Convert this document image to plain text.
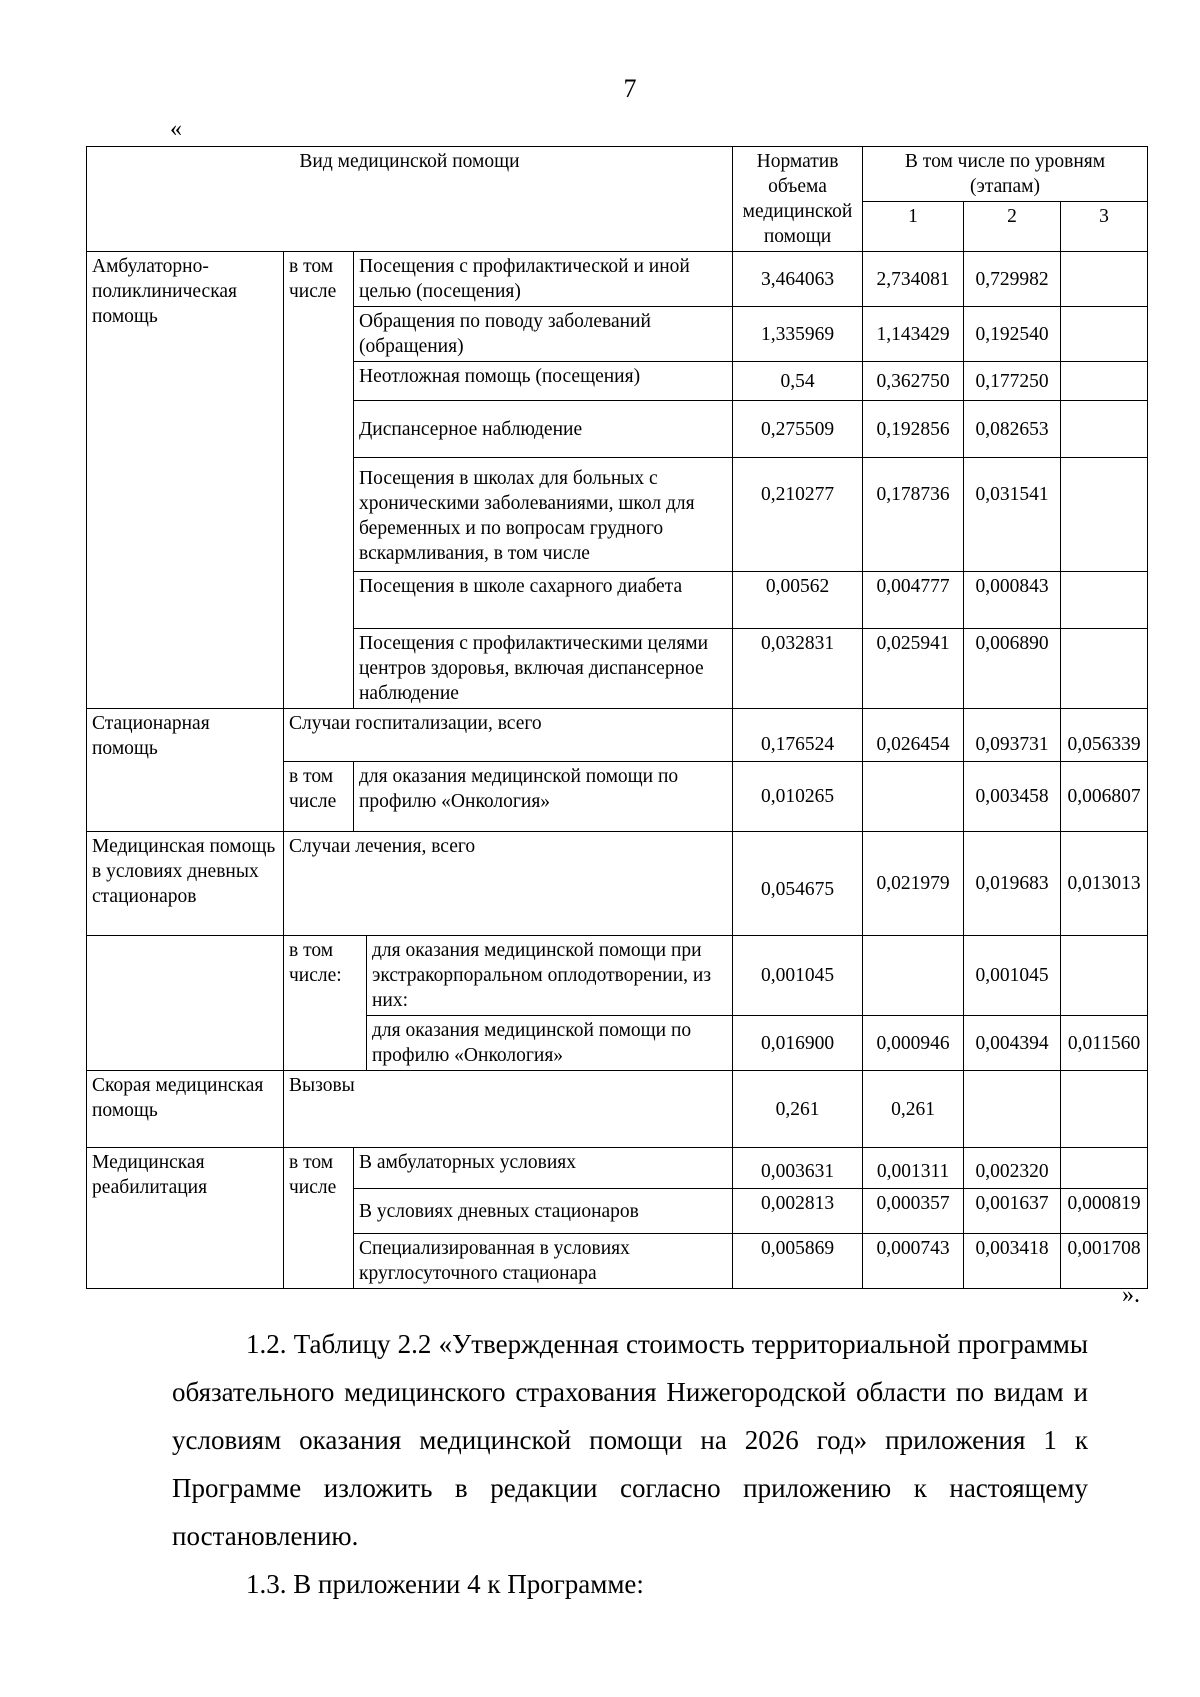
7
«
Вид медицинской помощи				Норматив объема медицинской помощи	В том числе по уровням (этапам)		
					1	2	3
Амбулаторно-поликлиническая помощь	в том числе	Посещения с профилактической и иной целью (посещения)		3,464063	2,734081	0,729982	
		Обращения по поводу заболеваний (обращения)		1,335969	1,143429	0,192540	
		Неотложная помощь (посещения)		0,54	0,362750	0,177250	
		Диспансерное наблюдение		0,275509	0,192856	0,082653	
		Посещения в школах для больных с хроническими заболеваниями, школ для беременных и по вопросам грудного вскармливания, в том числе		0,210277	0,178736	0,031541	
		Посещения в школе сахарного диабета		0,00562	0,004777	0,000843	
		Посещения с профилактическими целями центров здоровья, включая диспансерное наблюдение		0,032831	0,025941	0,006890	
Стационарная помощь	Случаи госпитализации, всего			0,176524	0,026454	0,093731	0,056339
	в том числе	для оказания медицинской помощи по профилю «Онкология»		0,010265		0,003458	0,006807
Медицинская помощь в условиях дневных стационаров	Случаи лечения, всего			0,054675	0,021979	0,019683	0,013013
	в том числе:		для оказания медицинской помощи при экстракорпоральном оплодотворении, из них:	0,001045		0,001045	
			для оказания медицинской помощи по профилю «Онкология»	0,016900	0,000946	0,004394	0,011560
Скорая медицинская помощь	Вызовы			0,261	0,261		
Медицинская реабилитация	в том числе	В амбулаторных условиях		0,003631	0,001311	0,002320	
		В условиях дневных стационаров		0,002813	0,000357	0,001637	0,000819
		Специализированная в условиях круглосуточного стационара		0,005869	0,000743	0,003418	0,001708
».
1.2. Таблицу 2.2 «Утвержденная стоимость территориальной программы обязательного медицинского страхования Нижегородской области по видам и условиям оказания медицинской помощи на 2026 год» приложения 1 к Программе изложить в редакции согласно приложению к настоящему постановлению.
1.3. В приложении 4 к Программе:
